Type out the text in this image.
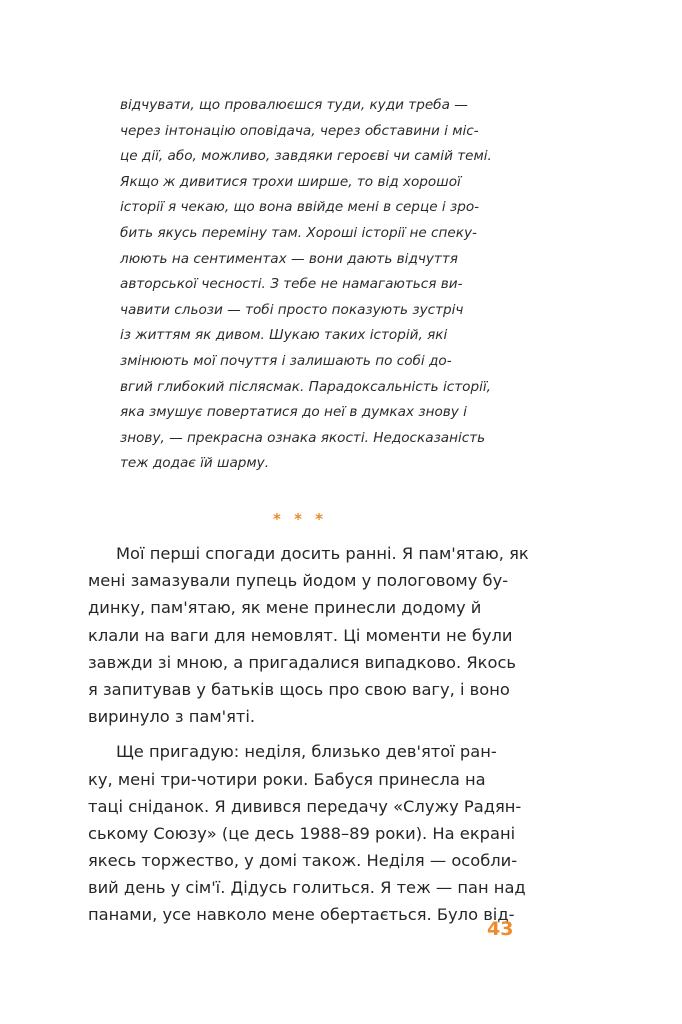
відчувати, що провалюєшся туди, куди треба —
через інтонацію оповідача, через обставини і міс-
це дії, або, можливо, завдяки героєві чи самій темі.
Якщо ж дивитися трохи ширше, то від хорошої
історії я чекаю, що вона ввійде мені в серце і зро-
бить якусь переміну там. Хороші історії не спеку-
люють на сентиментах — вони дають відчуття
авторської чесності. З тебе не намагаються ви-
чавити сльози — тобі просто показують зустріч
із життям як дивом. Шукаю таких історій, які
змінюють мої почуття і залишають по собі до-
вгий глибокий післясмак. Парадоксальність історії,
яка змушує повертатися до неї в думках знову і
знову, — прекрасна ознака якості. Недосказаність
теж додає їй шарму.
* * *
Мої перші спогади досить ранні. Я пам'ятаю, як
мені замазували пупець йодом у пологовому бу-
динку, пам'ятаю, як мене принесли додому й
клали на ваги для немовлят. Ці моменти не були
завжди зі мною, а пригадалися випадково. Якось
я запитував у батьків щось про свою вагу, і воно
виринуло з пам'яті.
Ще пригадую: неділя, близько дев'ятої ран-
ку, мені три-чотири роки. Бабуся принесла на
таці сніданок. Я дивився передачу «Служу Радян-
ському Союзу» (це десь 1988–89 роки). На екрані
якесь торжество, у домі також. Неділя — особли-
вий день у сім'ї. Дідусь голиться. Я теж — пан над
панами, усе навколо мене обертається. Було від-
43
